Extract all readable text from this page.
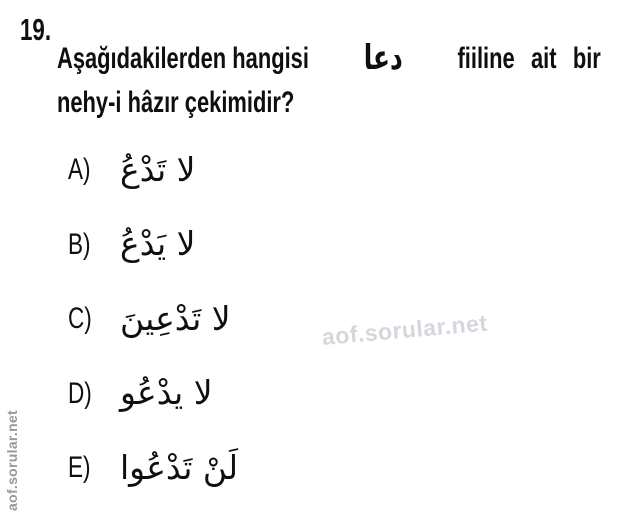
19.
Aşağıdakilerden hangisi دعا fiiline ait bir
nehy-i hâzır çekimidir?
A) لا تَدْعُ
B) لا يَدْعُ
C) لا تَدْعِينَ
D) لا يدْعُو
E) لَنْ تَدْعُوا
aof.sorular.net
aof.sorular.net
